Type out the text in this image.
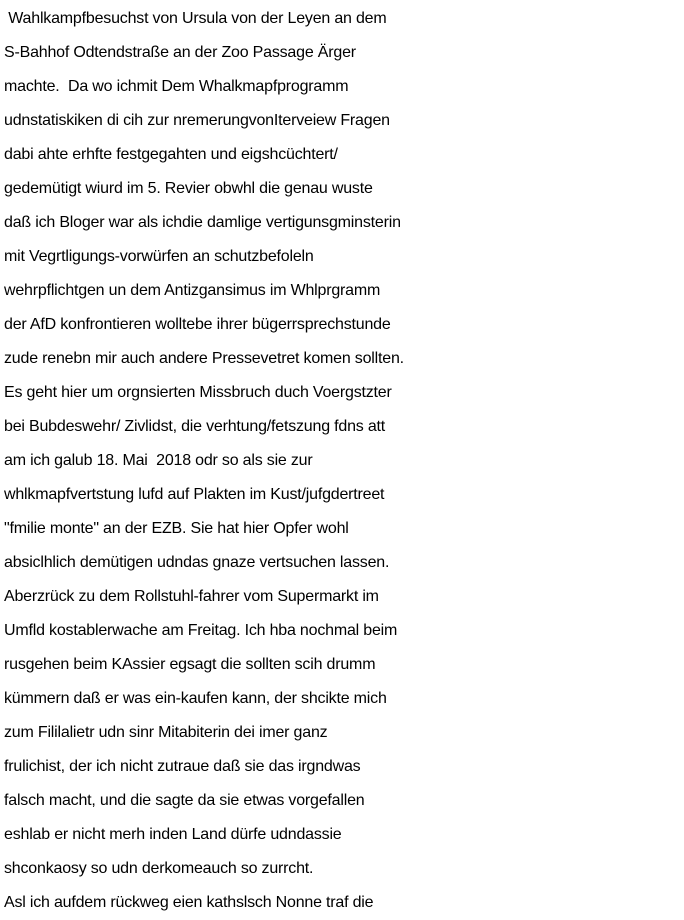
Wahlkampfbesuchst von Ursula von der Leyen an dem
S-Bahhof Odtendstraße an der Zoo Passage Ärger
machte.  Da wo ichmit Dem Whalkmapfprogramm
udnstatiskiken di cih zur nremerungvonIterveiew Fragen
dabi ahte erhfte festgegahten und eigshcüchtert/
gedemütigt wiurd im 5. Revier obwhl die genau wuste
daß ich Bloger war als ichdie damlige vertigunsgminsterin
mit Vegrtligungs-vorwürfen an schutzbefoleln
wehrpflichtgen un dem Antizgansimus im Whlprgramm
der AfD konfrontieren wolltebe ihrer bügerrsprechstunde
zude renebn mir auch andere Pressevetret komen sollten.
Es geht hier um orgnsierten Missbruch duch Voergstzter
bei Bubdeswehr/ Zivlidst, die verhtung/fetszung fdns att
am ich galub 18. Mai  2018 odr so als sie zur
whlkmapfvertstung lufd auf Plakten im Kust/jufgdertreet
"fmilie monte" an der EZB. Sie hat hier Opfer wohl
absiclhlich demütigen udndas gnaze vertsuchen lassen.
Aberzrück zu dem Rollstuhl-fahrer vom Supermarkt im
Umfld kostablerwache am Freitag. Ich hba nochmal beim
rusgehen beim KAssier egsagt die sollten scih drumm
kümmern daß er was ein-kaufen kann, der shcikte mich
zum Fililalietr udn sinr Mitabiterin dei imer ganz
frulichist, der ich nicht zutraue daß sie das irgndwas
falsch macht, und die sagte da sie etwas vorgefallen
eshlab er nicht merh inden Land dürfe udndassie
shconkaosy so udn derkomeauch so zurrcht.
Asl ich aufdem rückweg eien kathslsch Nonne traf die
